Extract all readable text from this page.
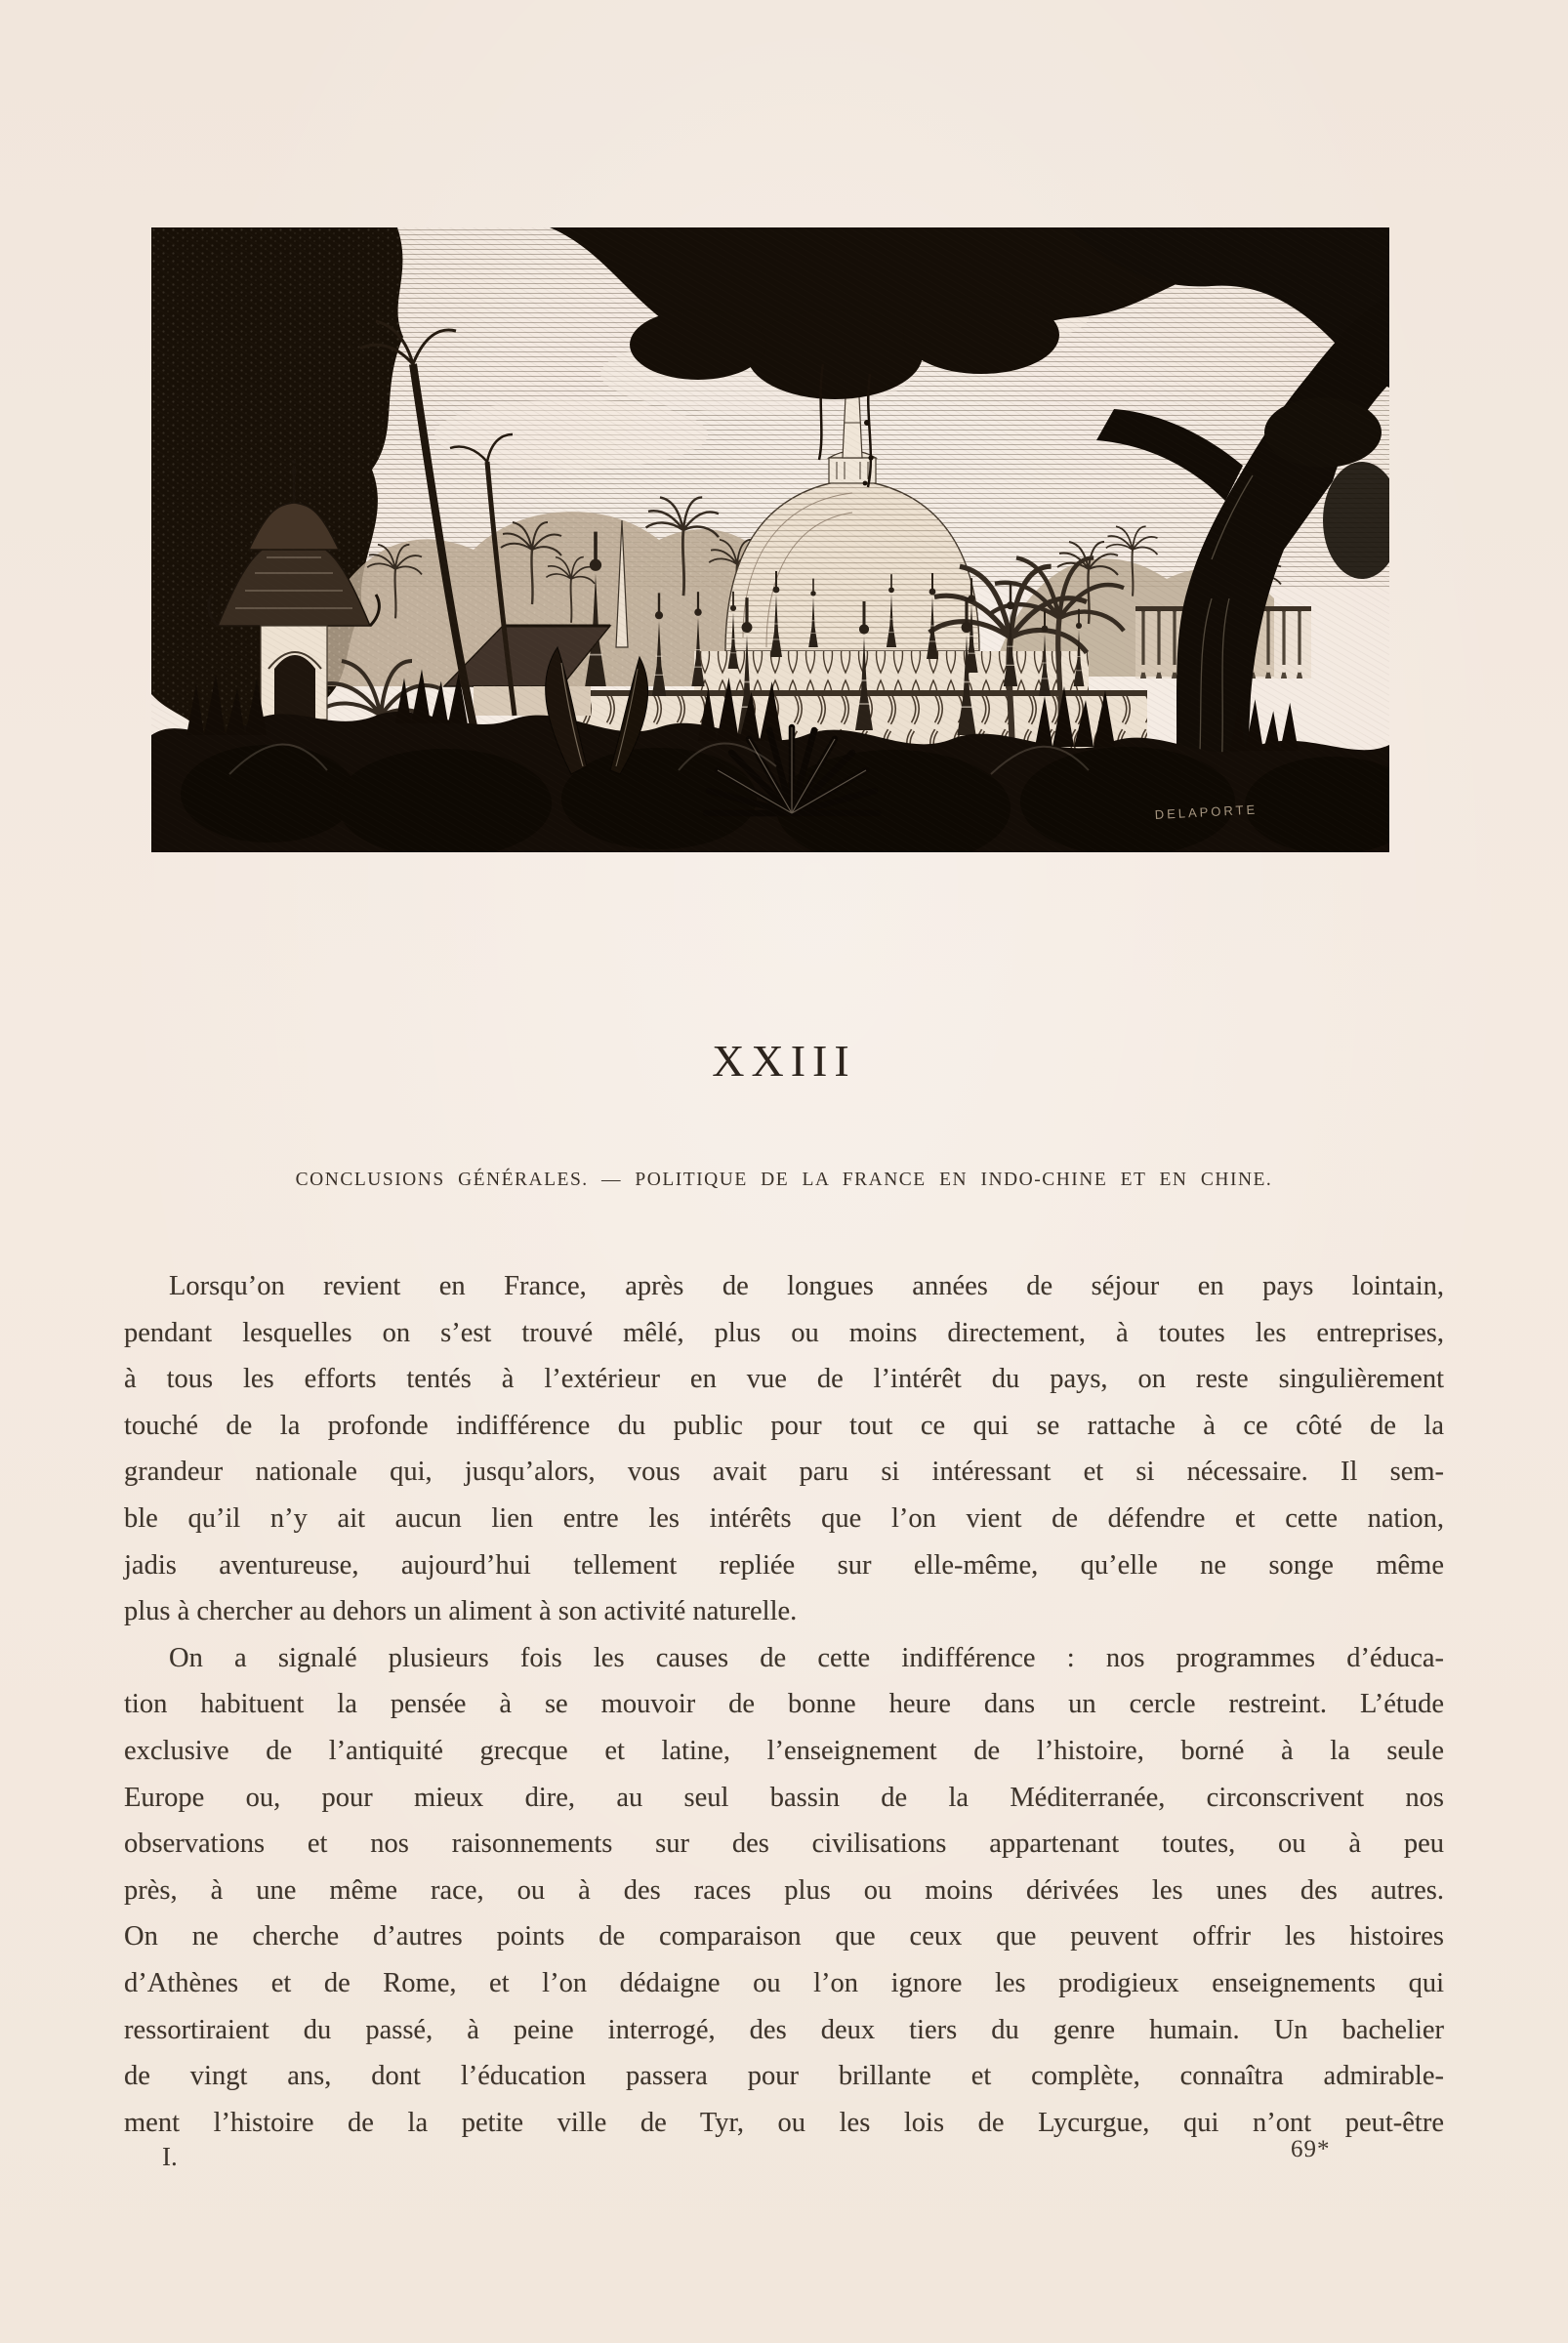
DELAPORTE
XXIII
CONCLUSIONS GÉNÉRALES. — POLITIQUE DE LA FRANCE EN INDO-CHINE ET EN CHINE.
Lorsqu’on revient en France, après de longues années de séjour en pays lointain,
pendant lesquelles on s’est trouvé mêlé, plus ou moins directement, à toutes les entreprises,
à tous les efforts tentés à l’extérieur en vue de l’intérêt du pays, on reste singulièrement
touché de la profonde indifférence du public pour tout ce qui se rattache à ce côté de la
grandeur nationale qui, jusqu’alors, vous avait paru si intéressant et si nécessaire. Il sem-
ble qu’il n’y ait aucun lien entre les intérêts que l’on vient de défendre et cette nation,
jadis aventureuse, aujourd’hui tellement repliée sur elle-même, qu’elle ne songe même
plus à chercher au dehors un aliment à son activité naturelle.
On a signalé plusieurs fois les causes de cette indifférence : nos programmes d’éduca-
tion habituent la pensée à se mouvoir de bonne heure dans un cercle restreint. L’étude
exclusive de l’antiquité grecque et latine, l’enseignement de l’histoire, borné à la seule
Europe ou, pour mieux dire, au seul bassin de la Méditerranée, circonscrivent nos
observations et nos raisonnements sur des civilisations appartenant toutes, ou à peu
près, à une même race, ou à des races plus ou moins dérivées les unes des autres.
On ne cherche d’autres points de comparaison que ceux que peuvent offrir les histoires
d’Athènes et de Rome, et l’on dédaigne ou l’on ignore les prodigieux enseignements qui
ressortiraient du passé, à peine interrogé, des deux tiers du genre humain. Un bachelier
de vingt ans, dont l’éducation passera pour brillante et complète, connaîtra admirable-
ment l’histoire de la petite ville de Tyr, ou les lois de Lycurgue, qui n’ont peut-être
I.	69*
